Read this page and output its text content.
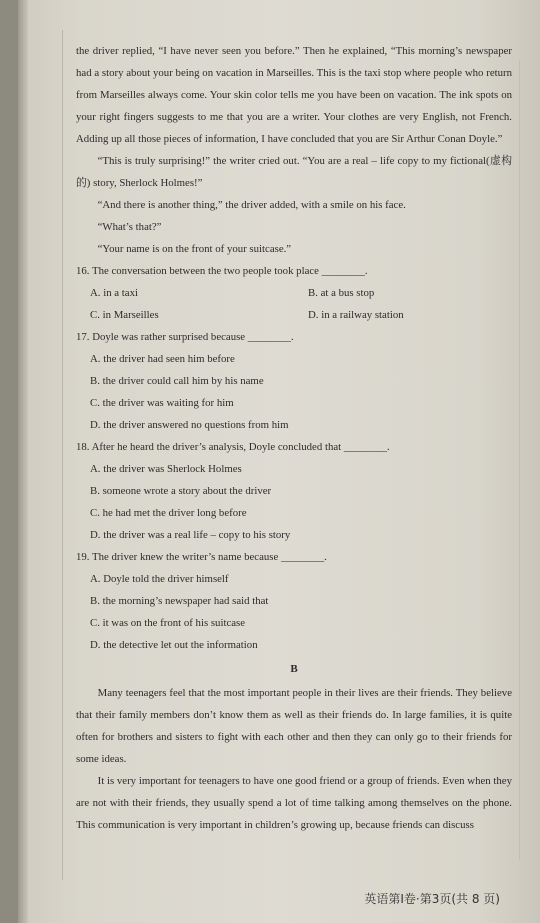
the driver replied, “I have never seen you before.” Then he explained, “This morning’s newspaper had a story about your being on vacation in Marseilles. This is the taxi stop where people who return from Marseilles always come. Your skin color tells me you have been on vacation. The ink spots on your right fingers suggests to me that you are a writer. Your clothes are very English, not French. Adding up all those pieces of information, I have concluded that you are Sir Arthur Conan Doyle.”

“This is truly surprising!” the writer cried out. “You are a real – life copy to my fictional(虚构的) story, Sherlock Holmes!”

“And there is another thing,” the driver added, with a smile on his face.

“What’s that?”

“Your name is on the front of your suitcase.”

16. The conversation between the two people took place ________.
A. in a taxi	B. at a bus stop
C. in Marseilles	D. in a railway station
17. Doyle was rather surprised because ________.
A. the driver had seen him before
B. the driver could call him by his name
C. the driver was waiting for him
D. the driver answered no questions from him
18. After he heard the driver’s analysis, Doyle concluded that ________.
A. the driver was Sherlock Holmes
B. someone wrote a story about the driver
C. he had met the driver long before
D. the driver was a real life – copy to his story
19. The driver knew the writer’s name because ________.
A. Doyle told the driver himself
B. the morning’s newspaper had said that
C. it was on the front of his suitcase
D. the detective let out the information
B

Many teenagers feel that the most important people in their lives are their friends. They believe that their family members don’t know them as well as their friends do. In large families, it is quite often for brothers and sisters to fight with each other and then they can only go to their friends for some ideas.

It is very important for teenagers to have one good friend or a group of friends. Even when they are not with their friends, they usually spend a lot of time talking among themselves on the phone. This communication is very important in children’s growing up, because friends can discuss

英语第Ⅰ卷·第3页(共 8 页)
